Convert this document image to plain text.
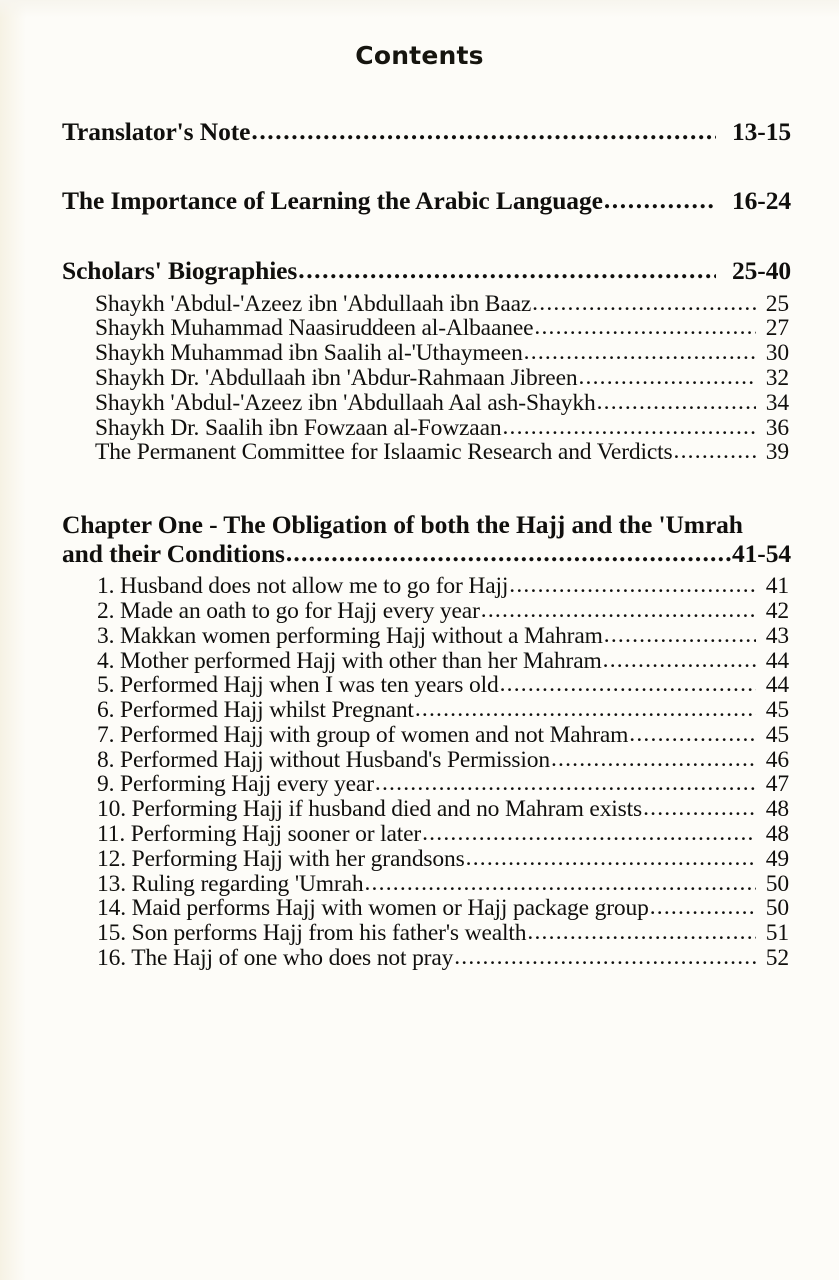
Contents
Translator's Note .....	13-15
The Importance of Learning the Arabic Language .....	16-24
Scholars' Biographies .....	25-40
Shaykh 'Abdul-'Azeez ibn 'Abdullaah ibn Baaz .....	25
Shaykh Muhammad Naasiruddeen al-Albaanee .....	27
Shaykh Muhammad ibn Saalih al-'Uthaymeen .....	30
Shaykh Dr. 'Abdullaah ibn 'Abdur-Rahmaan Jibreen .....	32
Shaykh 'Abdul-'Azeez ibn 'Abdullaah Aal ash-Shaykh .....	34
Shaykh Dr. Saalih ibn Fowzaan al-Fowzaan .....	36
The Permanent Committee for Islaamic Research and Verdicts .....	39
Chapter One - The Obligation of both the Hajj and the 'Umrah
and their Conditions .....	41-54
1. Husband does not allow me to go for Hajj .....	41
2. Made an oath to go for Hajj every year .....	42
3. Makkan women performing Hajj without a Mahram .....	43
4. Mother performed Hajj with other than her Mahram .....	44
5. Performed Hajj when I was ten years old .....	44
6. Performed Hajj whilst Pregnant .....	45
7. Performed Hajj with group of women and not Mahram .....	45
8. Performed Hajj without Husband's Permission .....	46
9. Performing Hajj every year .....	47
10. Performing Hajj if husband died and no Mahram exists .....	48
11. Performing Hajj sooner or later .....	48
12. Performing Hajj with her grandsons .....	49
13. Ruling regarding 'Umrah .....	50
14. Maid performs Hajj with women or Hajj package group .....	50
15. Son performs Hajj from his father's wealth .....	51
16. The Hajj of one who does not pray .....	52
